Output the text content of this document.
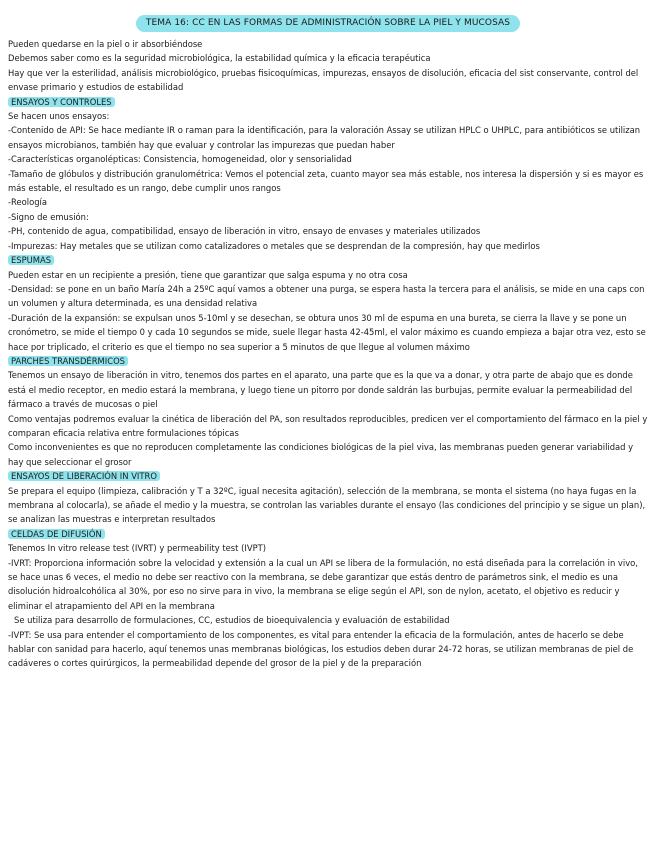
TEMA 16: CC EN LAS FORMAS DE ADMINISTRACIÓN SOBRE LA PIEL Y MUCOSAS

Pueden quedarse en la piel o ir absorbiéndose

Debemos saber como es la seguridad microbiológica, la estabilidad química y la eficacia terapéutica

Hay que ver la esterilidad, análisis microbiológico, pruebas fisicoquímicas, impurezas, ensayos de disolución, eficacia del sist conservante, control del envase primario y estudios de estabilidad

ENSAYOS Y CONTROLES

Se hacen unos ensayos:

-Contenido de API: Se hace mediante IR o raman para la identificación, para la valoración Assay se utilizan HPLC o UHPLC, para antibióticos se utilizan ensayos microbianos, también hay que evaluar y controlar las impurezas que puedan haber

-Características organolépticas: Consistencia, homogeneidad, olor y sensorialidad

-Tamaño de glóbulos y distribución granulométrica: Vemos el potencial zeta, cuanto mayor sea más estable, nos interesa la dispersión y si es mayor es más estable, el resultado es un rango, debe cumplir unos rangos

-Reología

-Signo de emusión:

-PH, contenido de agua, compatibilidad, ensayo de liberación in vitro, ensayo de envases y materiales utilizados

-Impurezas: Hay metales que se utilizan como catalizadores o metales que se desprendan de la compresión, hay que medirlos

ESPUMAS

Pueden estar en un recipiente a presión, tiene que garantizar que salga espuma y no otra cosa

-Densidad: se pone en un baño María 24h a 25ºC aquí vamos a obtener una purga, se espera hasta la tercera para el análisis, se mide en una caps con un volumen y altura determinada, es una densidad relativa

-Duración de la expansión: se expulsan unos 5-10ml y se desechan, se obtura unos 30 ml de espuma en una bureta, se cierra la llave y se pone un cronómetro, se mide el tiempo 0 y cada 10 segundos se mide, suele llegar hasta 42-45ml, el valor máximo es cuando empieza a bajar otra vez, esto se hace por triplicado, el criterio es que el tiempo no sea superior a 5 minutos de que llegue al volumen máximo

PARCHES TRANSDÉRMICOS

Tenemos un ensayo de liberación in vitro, tenemos dos partes en el aparato, una parte que es la que va a donar, y otra parte de abajo que es donde está el medio receptor, en medio estará la membrana, y luego tiene un pitorro por donde saldrán las burbujas, permite evaluar la permeabilidad del fármaco a través de mucosas o piel

Como ventajas podremos evaluar la cinética de liberación del PA, son resultados reproducibles, predicen ver el comportamiento del fármaco en la piel y comparan eficacia relativa entre formulaciones tópicas

Como inconvenientes es que no reproducen completamente las condiciones biológicas de la piel viva, las membranas pueden generar variabilidad y hay que seleccionar el grosor

ENSAYOS DE LIBERACIÓN IN VITRO

Se prepara el equipo (limpieza, calibración y T a 32ºC, igual necesita agitación), selección de la membrana, se monta el sistema (no haya fugas en la membrana al colocarla), se añade el medio y la muestra, se controlan las variables durante el ensayo (las condiciones del principio y se sigue un plan), se analizan las muestras e interpretan resultados

CELDAS DE DIFUSIÓN

Tenemos In vitro release test (IVRT) y permeability test (IVPT)

-IVRT: Proporciona información sobre la velocidad y extensión a la cual un API se libera de la formulación, no está diseñada para la correlación in vivo, se hace unas 6 veces, el medio no debe ser reactivo con la membrana, se debe garantizar que estás dentro de parámetros sink, el medio es una disolución hidroalcohólica al 30%, por eso no sirve para in vivo, la membrana se elige según el API, son de nylon, acetato, el objetivo es reducir y eliminar el atrapamiento del API en la membrana

Se utiliza para desarrollo de formulaciones, CC, estudios de bioequivalencia y evaluación de estabilidad

-IVPT: Se usa para entender el comportamiento de los componentes, es vital para entender la eficacia de la formulación, antes de hacerlo se debe hablar con sanidad para hacerlo, aquí tenemos unas membranas biológicas, los estudios deben durar 24-72 horas, se utilizan membranas de piel de cadáveres o cortes quirúrgicos, la permeabilidad depende del grosor de la piel y de la preparación
